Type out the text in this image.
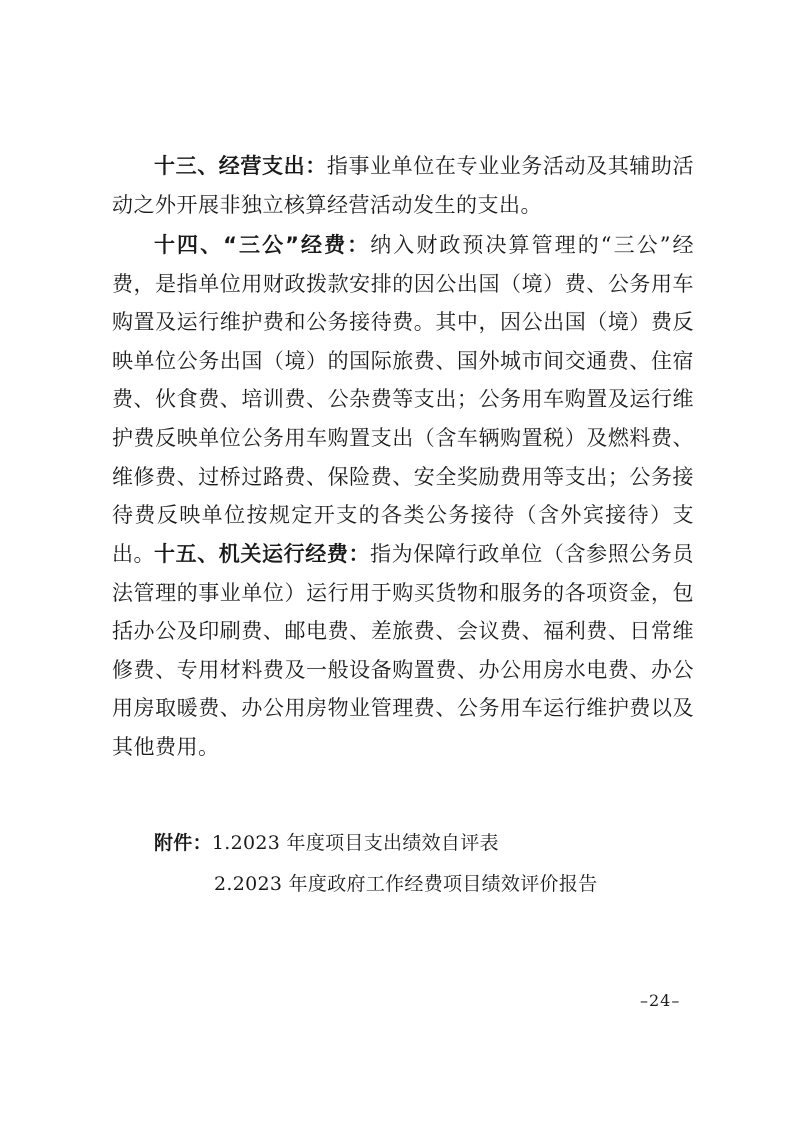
十三、经营支出：指事业单位在专业业务活动及其辅助活动之外开展非独立核算经营活动发生的支出。

十四、“三公”经费：纳入财政预决算管理的“三公”经费，是指单位用财政拨款安排的因公出国（境）费、公务用车购置及运行维护费和公务接待费。其中，因公出国（境）费反映单位公务出国（境）的国际旅费、国外城市间交通费、住宿费、伙食费、培训费、公杂费等支出；公务用车购置及运行维护费反映单位公务用车购置支出（含车辆购置税）及燃料费、维修费、过桥过路费、保险费、安全奖励费用等支出；公务接待费反映单位按规定开支的各类公务接待（含外宾接待）支出。 十五、机关运行经费：指为保障行政单位（含参照公务员法管理的事业单位）运行用于购买货物和服务的各项资金，包括办公及印刷费、邮电费、差旅费、会议费、福利费、日常维修费、专用材料费及一般设备购置费、办公用房水电费、办公用房取暖费、办公用房物业管理费、公务用车运行维护费以及其他费用。

附件：1.2023 年度项目支出绩效自评表
2.2023 年度政府工作经费项目绩效评价报告
–24–
